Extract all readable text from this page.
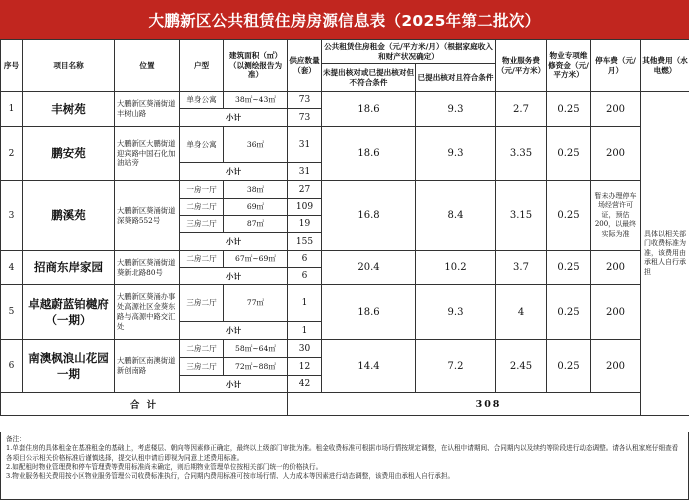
大鹏新区公共租赁住房房源信息表（2025年第二批次）
序号	项目名称	位置	户型	建筑面积（㎡）（以测绘报告为准）	供应数量（套）	公共租赁住房租金（元/平方米/月）（根据家庭收入和财产状况确定）		物业服务费（元/平方米）	物业专项维修资金（元/平方米）	停车费（元/月）	其他费用（水电燃）
						未提出核对或已提出核对但不符合条件	已提出核对且符合条件				
1	丰树苑	大鹏新区葵涌街道丰树山路	单身公寓	38㎡~43㎡	73	18.6	9.3	2.7	0.25	200	具体以相关部门收费标准为准，该费用由承租人自行承担
			小计		73						
2	鹏安苑	大鹏新区大鹏街道迎宾路中国石化加油站旁	单身公寓	36㎡	31	18.6	9.3	3.35	0.25	200	
			小计		31						
3	鹏溪苑	大鹏新区葵涌街道深葵路552号	一房一厅	38㎡	27	16.8	8.4	3.15	0.25	暂未办理停车场经营许可证，预估200，以最终实际为准	
			二房二厅	69㎡	109						
			三房二厅	87㎡	19						
			小计		155						
4	招商东岸家园	大鹏新区葵涌街道葵新北路80号	二房二厅	67㎡~69㎡	6	20.4	10.2	3.7	0.25	200	
			小计		6						
5	卓越蔚蓝铂樾府（一期）	大鹏新区葵涌办事处高源社区金葵东路与高源中路交汇处	三房二厅	77㎡	1	18.6	9.3	4	0.25	200	
			小计		1						
6	南澳枫浪山花园一期	大鹏新区南澳街道新创南路	二房二厅	58㎡~64㎡	30	14.4	7.2	2.45	0.25	200	
			三房二厅	72㎡~88㎡	12						
			小计		42						
合 计					308						
备注：
1.单套住房的具体租金在基准租金的基础上，考虑楼层、朝向等因素修正确定，最终以上级部门审批为准。租金收费标准可根据市场行情按规定调整，在认租申请期间、合同期内以及续约等阶段进行动态调整。请各认租家庭仔细查看各项目公示相关价格标准后谨慎选择，提交认租申请后即视为同意上述费用标准。
2.如配租时物业管理费和停车管理费等费用标准尚未确定，则后期物业管理单位按相关部门统一的价格执行。
3.物业服务相关费用按小区物业服务管理公司收费标准执行，合同期内费用标准可按市场行情、人力成本等因素进行动态调整，该费用由承租人自行承担。
